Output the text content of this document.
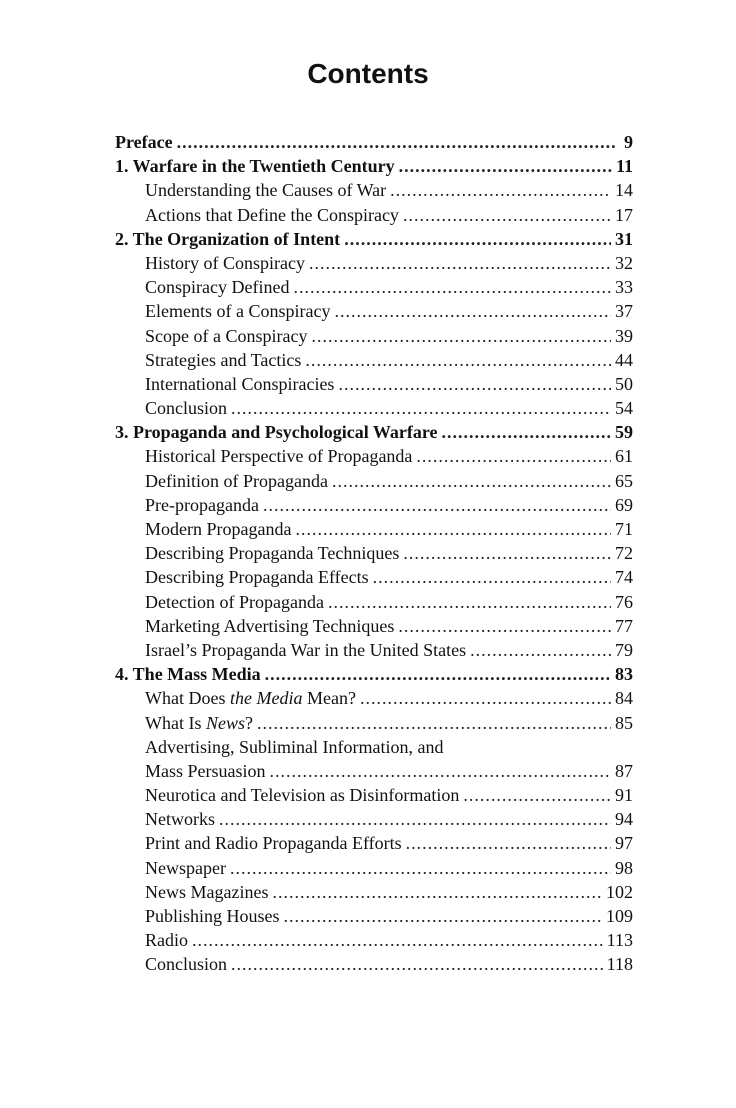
Contents
Preface .....	9
1. Warfare in the Twentieth Century .....	11
Understanding the Causes of War .....	14
Actions that Define the Conspiracy .....	17
2. The Organization of Intent .....	31
History of Conspiracy .....	32
Conspiracy Defined .....	33
Elements of a Conspiracy .....	37
Scope of a Conspiracy .....	39
Strategies and Tactics .....	44
International Conspiracies .....	50
Conclusion .....	54
3. Propaganda and Psychological Warfare .....	59
Historical Perspective of Propaganda .....	61
Definition of Propaganda .....	65
Pre-propaganda .....	69
Modern Propaganda .....	71
Describing Propaganda Techniques .....	72
Describing Propaganda Effects .....	74
Detection of Propaganda .....	76
Marketing Advertising Techniques .....	77
Israel’s Propaganda War in the United States .....	79
4. The Mass Media .....	83
What Does the Media Mean? .....	84
What Is News? .....	85
Advertising, Subliminal Information, and
Mass Persuasion .....	87
Neurotica and Television as Disinformation .....	91
Networks .....	94
Print and Radio Propaganda Efforts .....	97
Newspaper .....	98
News Magazines .....	102
Publishing Houses .....	109
Radio .....	113
Conclusion .....	118
